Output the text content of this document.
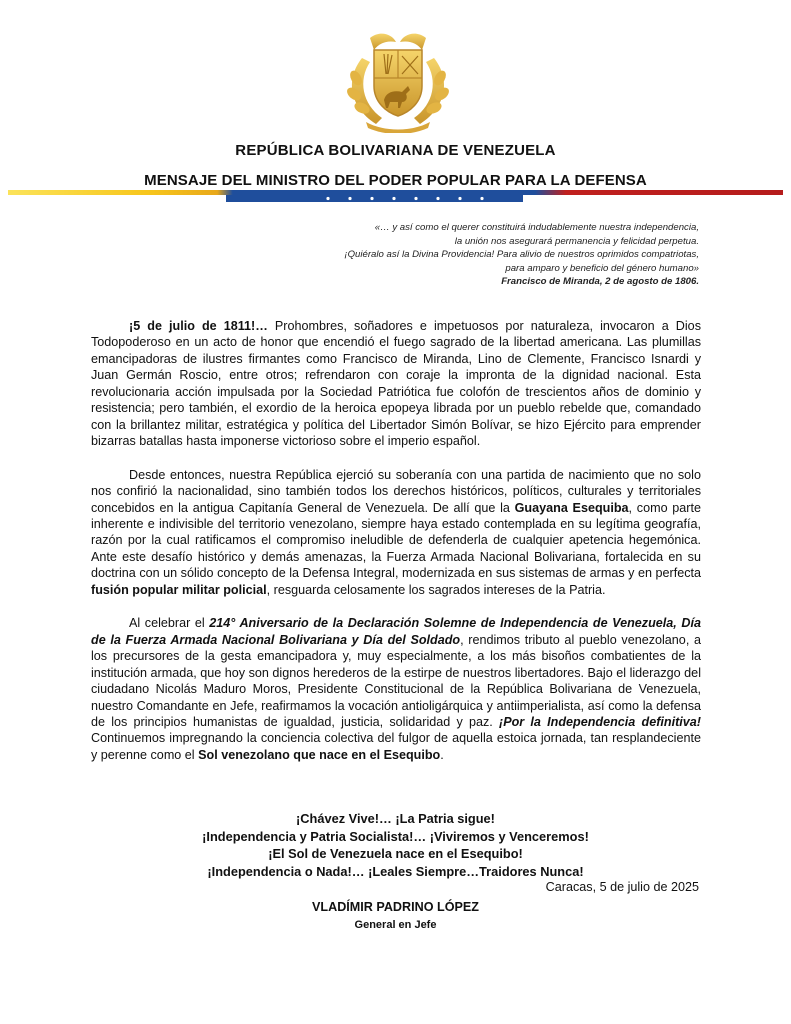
REPÚBLICA BOLIVARIANA DE VENEZUELA
MENSAJE DEL MINISTRO DEL PODER POPULAR PARA LA DEFENSA
«… y así como el querer constituirá indudablemente nuestra independencia,
la unión nos asegurará permanencia y felicidad perpetua.
¡Quiéralo así la Divina Providencia! Para alivio de nuestros oprimidos compatriotas,
para amparo y beneficio del género humano»
Francisco de Miranda, 2 de agosto de 1806.

¡5 de julio de 1811!… Prohombres, soñadores e impetuosos por naturaleza, invocaron a Dios Todopoderoso en un acto de honor que encendió el fuego sagrado de la libertad americana. Las plumillas emancipadoras de ilustres firmantes como Francisco de Miranda, Lino de Clemente, Francisco Isnardi y Juan Germán Roscio, entre otros; refrendaron con coraje la impronta de la dignidad nacional. Esta revolucionaria acción impulsada por la Sociedad Patriótica fue colofón de trescientos años de dominio y resistencia; pero también, el exordio de la heroica epopeya librada por un pueblo rebelde que, comandado con la brillantez militar, estratégica y política del Libertador Simón Bolívar, se hizo Ejército para emprender bizarras batallas hasta imponerse victorioso sobre el imperio español.

Desde entonces, nuestra República ejerció su soberanía con una partida de nacimiento que no solo nos confirió la nacionalidad, sino también todos los derechos históricos, políticos, culturales y territoriales concebidos en la antigua Capitanía General de Venezuela. De allí que la Guayana Esequiba, como parte inherente e indivisible del territorio venezolano, siempre haya estado contemplada en su legítima geografía, razón por la cual ratificamos el compromiso ineludible de defenderla de cualquier apetencia hegemónica. Ante este desafío histórico y demás amenazas, la Fuerza Armada Nacional Bolivariana, fortalecida en su doctrina con un sólido concepto de la Defensa Integral, modernizada en sus sistemas de armas y en perfecta fusión popular militar policial, resguarda celosamente los sagrados intereses de la Patria.

Al celebrar el 214° Aniversario de la Declaración Solemne de Independencia de Venezuela, Día de la Fuerza Armada Nacional Bolivariana y Día del Soldado, rendimos tributo al pueblo venezolano, a los precursores de la gesta emancipadora y, muy especialmente, a los más bisoños combatientes de la institución armada, que hoy son dignos herederos de la estirpe de nuestros libertadores. Bajo el liderazgo del ciudadano Nicolás Maduro Moros, Presidente Constitucional de la República Bolivariana de Venezuela, nuestro Comandante en Jefe, reafirmamos la vocación antioligárquica y antiimperialista, así como la defensa de los principios humanistas de igualdad, justicia, solidaridad y paz. ¡Por la Independencia definitiva! Continuemos impregnando la conciencia colectiva del fulgor de aquella estoica jornada, tan resplandeciente y perenne como el Sol venezolano que nace en el Esequibo.

¡Chávez Vive!… ¡La Patria sigue!
¡Independencia y Patria Socialista!… ¡Viviremos y Venceremos!
¡El Sol de Venezuela nace en el Esequibo!
¡Independencia o Nada!… ¡Leales Siempre…Traidores Nunca!
Caracas, 5 de julio de 2025
VLADÍMIR PADRINO LÓPEZ
General en Jefe
